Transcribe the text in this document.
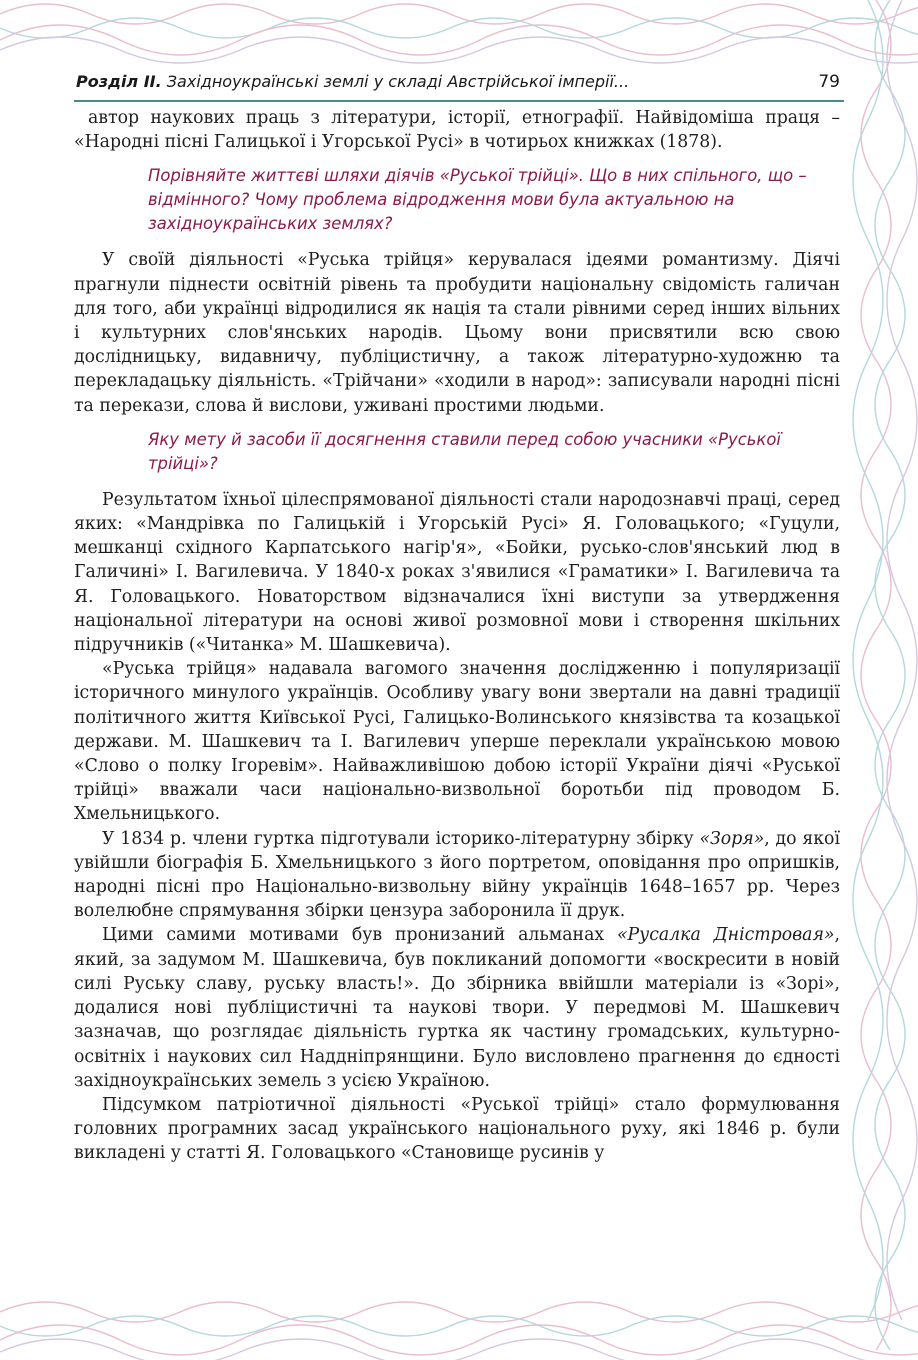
Розділ ІІ. Західноукраїнські землі у складі Австрійської імперії...	79

автор наукових праць з літератури, історії, етнографії. Найвідоміша праця – «Народні пісні Галицької і Угорської Русі» в чотирьох книжках (1878).

Порівняйте життєві шляхи діячів «Руської трійці». Що в них спільного, що – відмінного? Чому проблема відродження мови була актуальною на західноукраїнських землях?

У своїй діяльності «Руська трійця» керувалася ідеями романтизму. Діячі прагнули піднести освітній рівень та пробудити національну свідомість галичан для того, аби українці відродилися як нація та стали рівними серед інших вільних і культурних слов'янських народів. Цьому вони присвятили всю свою дослідницьку, видавничу, публіцистичну, а також літературно-художню та перекладацьку діяльність. «Трійчани» «ходили в народ»: записували народні пісні та перекази, слова й вислови, уживані простими людьми.

Яку мету й засоби її досягнення ставили перед собою учасники «Руської трійці»?

Результатом їхньої цілеспрямованої діяльності стали народознавчі праці, серед яких: «Мандрівка по Галицькій і Угорській Русі» Я. Головацького; «Гуцули, мешканці східного Карпатського нагір'я», «Бойки, русько-слов'янський люд в Галичині» І. Вагилевича. У 1840-х роках з'явилися «Граматики» І. Вагилевича та Я. Головацького. Новаторством відзначалися їхні виступи за утвердження національної літератури на основі живої розмовної мови і створення шкільних підручників («Читанка» М. Шашкевича).

«Руська трійця» надавала вагомого значення дослідженню і популяризації історичного минулого українців. Особливу увагу вони звертали на давні традиції політичного життя Київської Русі, Галицько-Волинського князівства та козацької держави. М. Шашкевич та І. Вагилевич уперше переклали українською мовою «Слово о полку Ігоревім». Найважливішою добою історії України діячі «Руської трійці» вважали часи національно-визвольної боротьби під проводом Б. Хмельницького.

У 1834 р. члени гуртка підготували історико-літературну збірку «Зоря», до якої увійшли біографія Б. Хмельницького з його портретом, оповідання про опришків, народні пісні про Національно-визвольну війну українців 1648–1657 рр. Через волелюбне спрямування збірки цензура заборонила її друк.

Цими самими мотивами був пронизаний альманах «Русалка Дністровая», який, за задумом М. Шашкевича, був покликаний допомогти «воскресити в новій силі Руську славу, руську власть!». До збірника ввійшли матеріали із «Зорі», додалися нові публіцистичні та наукові твори. У передмові М. Шашкевич зазначав, що розглядає діяльність гуртка як частину громадських, культурно-освітніх і наукових сил Наддніпрянщини. Було висловлено прагнення до єдності західноукраїнських земель з усією Україною.

Підсумком патріотичної діяльності «Руської трійці» стало формулювання головних програмних засад українського національного руху, які 1846 р. були викладені у статті Я. Головацького «Становище русинів у
